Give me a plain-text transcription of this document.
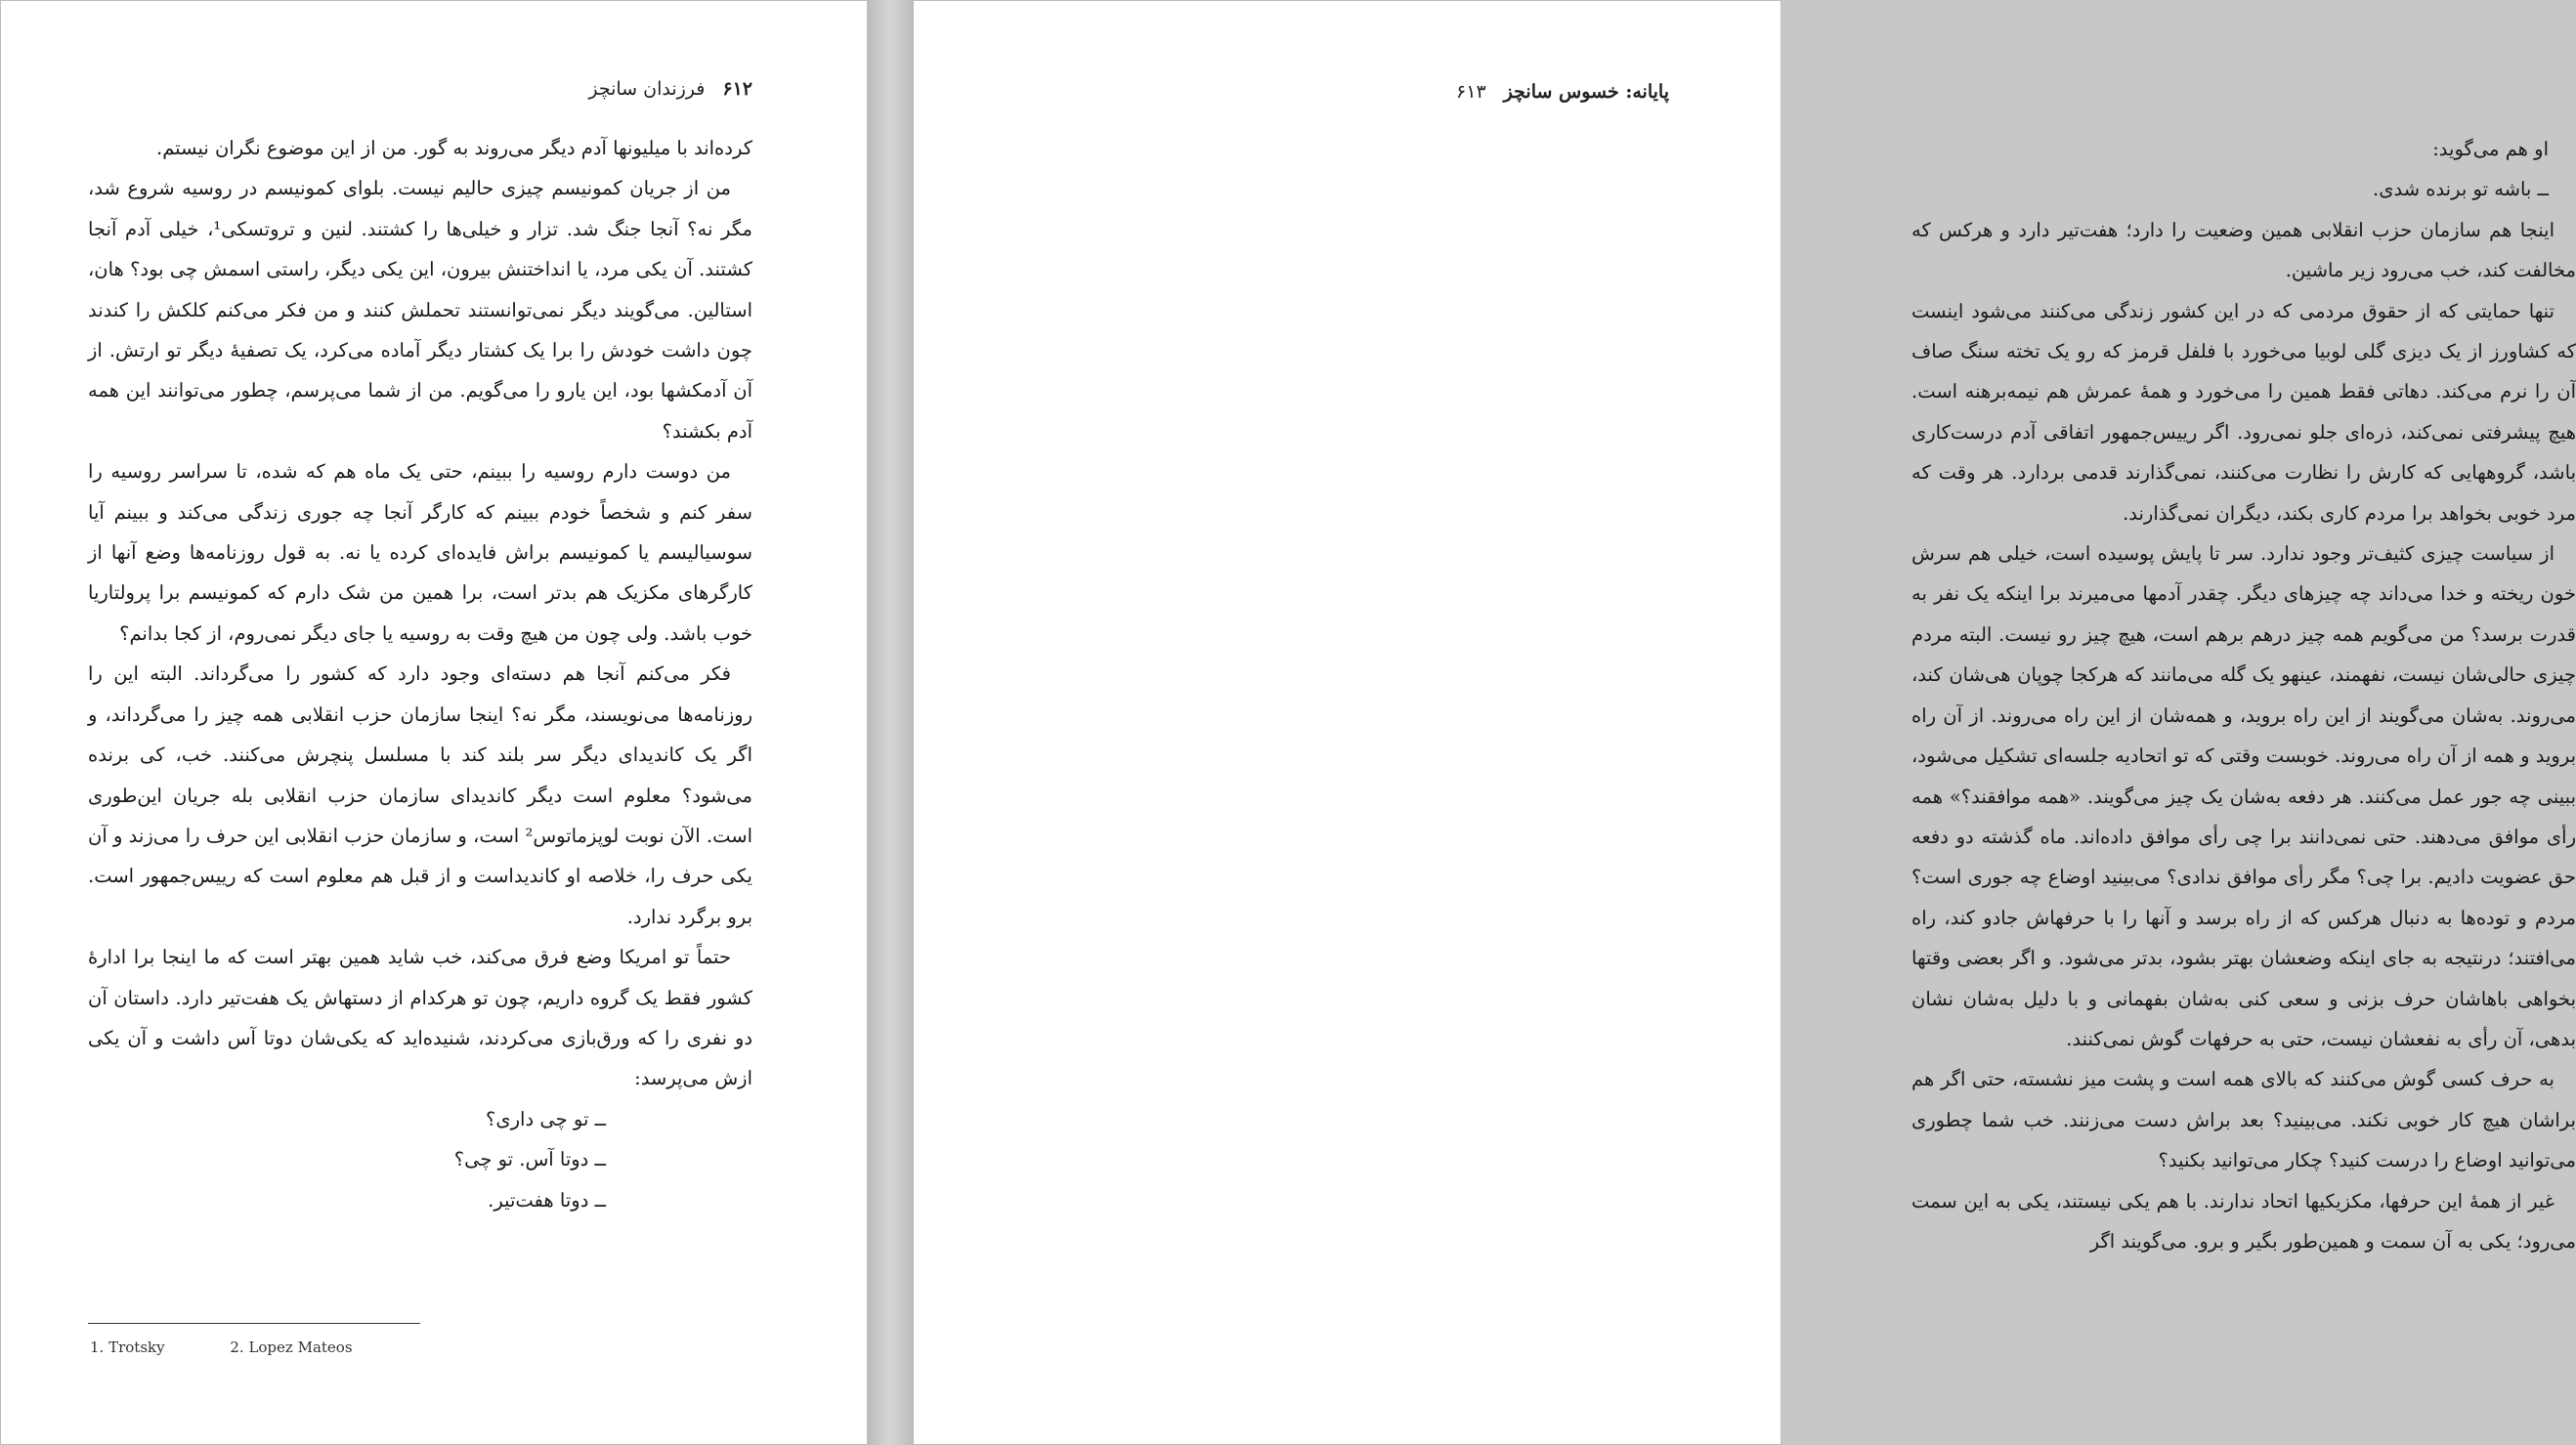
۶۱۲فرزندان سانچز

کرده‌اند با میلیونها آدم دیگر می‌روند به گور. من از این موضوع نگران نیستم.

من از جریان کمونیسم چیزی حالیم نیست. بلوای کمونیسم در روسیه شروع شد، مگر نه؟ آنجا جنگ شد. تزار و خیلی‌ها را کشتند. لنین و تروتسکی¹، خیلی آدم آنجا کشتند. آن یکی مرد، یا انداختنش بیرون، این یکی دیگر، راستی اسمش چی بود؟ هان، استالین. می‌گویند دیگر نمی‌توانستند تحملش کنند و من فکر می‌کنم کلکش را کندند چون داشت خودش را برا یک کشتار دیگر آماده می‌کرد، یک تصفیهٔ دیگر تو ارتش. از آن آدمکشها بود، این یارو را می‌گویم. من از شما می‌پرسم، چطور می‌توانند این همه آدم بکشند؟

من دوست دارم روسیه را ببینم، حتی یک ماه هم که شده، تا سراسر روسیه را سفر کنم و شخصاً خودم ببینم که کارگر آنجا چه جوری زندگی می‌کند و ببینم آیا سوسیالیسم یا کمونیسم براش فایده‌ای کرده یا نه. به قول روزنامه‌ها وضع آنها از کارگرهای مکزیک هم بدتر است، برا همین من شک دارم که کمونیسم برا پرولتاریا خوب باشد. ولی چون من هیچ وقت به روسیه یا جای دیگر نمی‌روم، از کجا بدانم؟

فکر می‌کنم آنجا هم دسته‌ای وجود دارد که کشور را می‌گرداند. البته این را روزنامه‌ها می‌نویسند، مگر نه؟ اینجا سازمان حزب انقلابی همه چیز را می‌گرداند، و اگر یک کاندیدای دیگر سر بلند کند با مسلسل پنچرش می‌کنند. خب، کی برنده می‌شود؟ معلوم است دیگر کاندیدای سازمان حزب انقلابی بله جریان این‌طوری است. الآن نوبت لوپزماتوس² است، و سازمان حزب انقلابی این حرف را می‌زند و آن یکی حرف را، خلاصه او کاندیداست و از قبل هم معلوم است که رییس‌جمهور است. برو برگرد ندارد.

حتماً تو امریکا وضع فرق می‌کند، خب شاید همین بهتر است که ما اینجا برا ادارهٔ کشور فقط یک گروه داریم، چون تو هرکدام از دستهاش یک هفت‌تیر دارد. داستان آن دو نفری را که ورق‌بازی می‌کردند، شنیده‌اید که یکی‌شان دوتا آس داشت و آن یکی ازش می‌پرسد:

ــ تو چی داری؟

ــ دوتا آس. تو چی؟

ــ دوتا هفت‌تیر.

1. Trotsky	2. Lopez Mateos
پایانه: خسوس سانچز۶۱۳

او هم می‌گوید:

ــ باشه تو برنده شدی.

اینجا هم سازمان حزب انقلابی همین وضعیت را دارد؛ هفت‌تیر دارد و هرکس که مخالفت کند، خب می‌رود زیر ماشین.

تنها حمایتی که از حقوق مردمی که در این کشور زندگی می‌کنند می‌شود اینست که کشاورز از یک دیزی گلی لوبیا می‌خورد با فلفل قرمز که رو یک تخته سنگ صاف آن را نرم می‌کند. دهاتی فقط همین را می‌خورد و همهٔ عمرش هم نیمه‌برهنه است. هیچ پیشرفتی نمی‌کند، ذره‌ای جلو نمی‌رود. اگر رییس‌جمهور اتفاقی آدم درست‌کاری باشد، گروههایی که کارش را نظارت می‌کنند، نمی‌گذارند قدمی بردارد. هر وقت که مرد خوبی بخواهد برا مردم کاری بکند، دیگران نمی‌گذارند.

از سیاست چیزی کثیف‌تر وجود ندارد. سر تا پایش پوسیده است، خیلی هم سرش خون ریخته و خدا می‌داند چه چیزهای دیگر. چقدر آدمها می‌میرند برا اینکه یک نفر به قدرت برسد؟ من می‌گویم همه چیز درهم برهم است، هیچ چیز رو نیست. البته مردم چیزی حالی‌شان نیست، نفهمند، عینهو یک گله می‌مانند که هرکجا چوپان هی‌شان کند، می‌روند. به‌شان می‌گویند از این راه بروید، و همه‌شان از این راه می‌روند. از آن راه بروید و همه از آن راه می‌روند. خوبست وقتی که تو اتحادیه جلسه‌ای تشکیل می‌شود، ببینی چه جور عمل می‌کنند. هر دفعه به‌شان یک چیز می‌گویند. «همه موافقند؟» همه رأی موافق می‌دهند. حتی نمی‌دانند برا چی رأی موافق داده‌اند. ماه گذشته دو دفعه حق عضویت دادیم. برا چی؟ مگر رأی موافق ندادی؟ می‌بینید اوضاع چه جوری است؟ مردم و توده‌ها به دنبال هرکس که از راه برسد و آنها را با حرفهاش جادو کند، راه می‌افتند؛ درنتیجه به جای اینکه وضعشان بهتر بشود، بدتر می‌شود. و اگر بعضی وقتها بخواهی باهاشان حرف بزنی و سعی کنی به‌شان بفهمانی و با دلیل به‌شان نشان بدهی، آن رأی به نفعشان نیست، حتی به حرفهات گوش نمی‌کنند.

به حرف کسی گوش می‌کنند که بالای همه است و پشت میز نشسته، حتی اگر هم براشان هیچ کار خوبی نکند. می‌بینید؟ بعد براش دست می‌زنند. خب شما چطوری می‌توانید اوضاع را درست کنید؟ چکار می‌توانید بکنید؟

غیر از همهٔ این حرفها، مکزیکیها اتحاد ندارند. با هم یکی نیستند، یکی به این سمت می‌رود؛ یکی به آن سمت و همین‌طور بگیر و برو. می‌گویند اگر
